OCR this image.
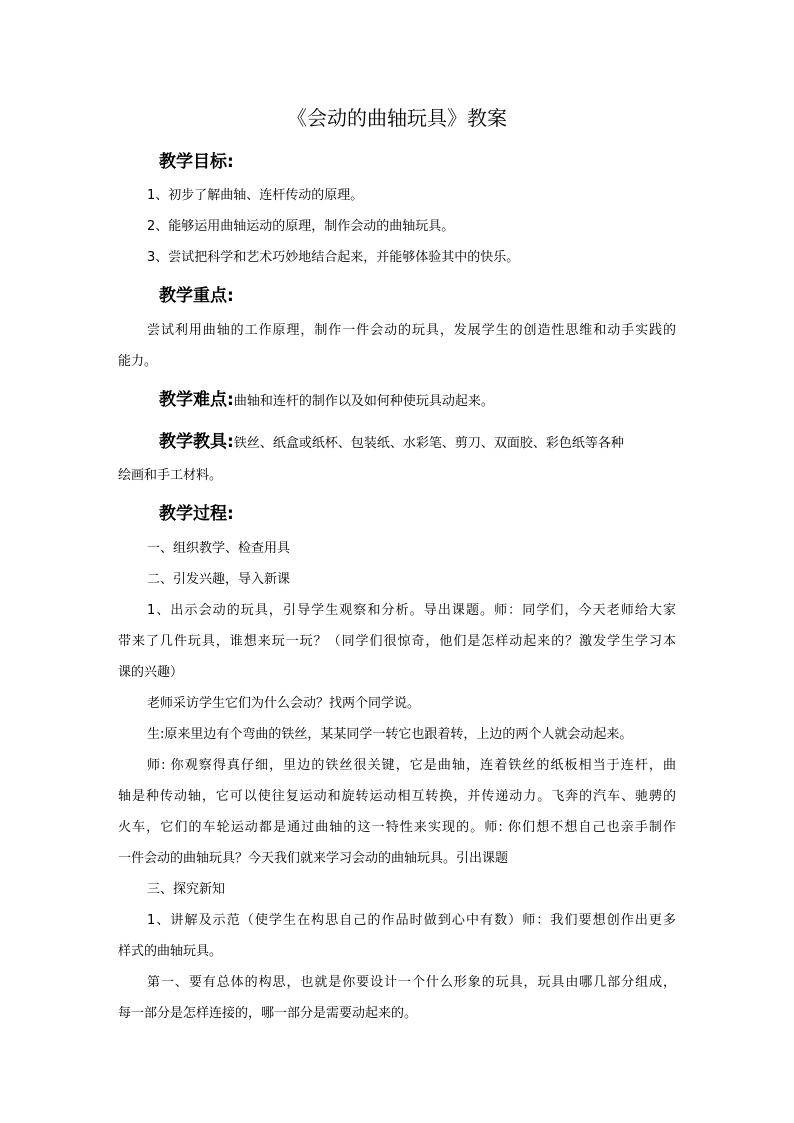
《会动的曲轴玩具》教案
教学目标:
1、初步了解曲轴、连杆传动的原理。
2、能够运用曲轴运动的原理，制作会动的曲轴玩具。
3、尝试把科学和艺术巧妙地结合起来，并能够体验其中的快乐。
教学重点:
尝试利用曲轴的工作原理，制作一件会动的玩具，发展学生的创造性思维和动手实践的
能力。
教学难点:曲轴和连杆的制作以及如何种使玩具动起来。
教学教具:铁丝、纸盒或纸杯、包装纸、水彩笔、剪刀、双面胶、彩色纸等各种
绘画和手工材料。
教学过程:
一、组织教学、检查用具
二、引发兴趣，导入新课
1、出示会动的玩具，引导学生观察和分析。导出课题。师：同学们，今天老师给大家
带来了几件玩具，谁想来玩一玩？（同学们很惊奇，他们是怎样动起来的？激发学生学习本
课的兴趣）
老师采访学生它们为什么会动？找两个同学说。
生:原来里边有个弯曲的铁丝，某某同学一转它也跟着转，上边的两个人就会动起来。
师: 你观察得真仔细，里边的铁丝很关键，它是曲轴，连着铁丝的纸板相当于连杆，曲
轴是种传动轴，它可以使往复运动和旋转运动相互转换，并传递动力。飞奔的汽车、驰骋的
火车，它们的车轮运动都是通过曲轴的这一特性来实现的。师: 你们想不想自己也亲手制作
一件会动的曲轴玩具？今天我们就来学习会动的曲轴玩具。引出课题
三、探究新知
1、讲解及示范（使学生在构思自己的作品时做到心中有数）师：我们要想创作出更多
样式的曲轴玩具。
第一、要有总体的构思，也就是你要设计一个什么形象的玩具，玩具由哪几部分组成，
每一部分是怎样连接的，哪一部分是需要动起来的。
